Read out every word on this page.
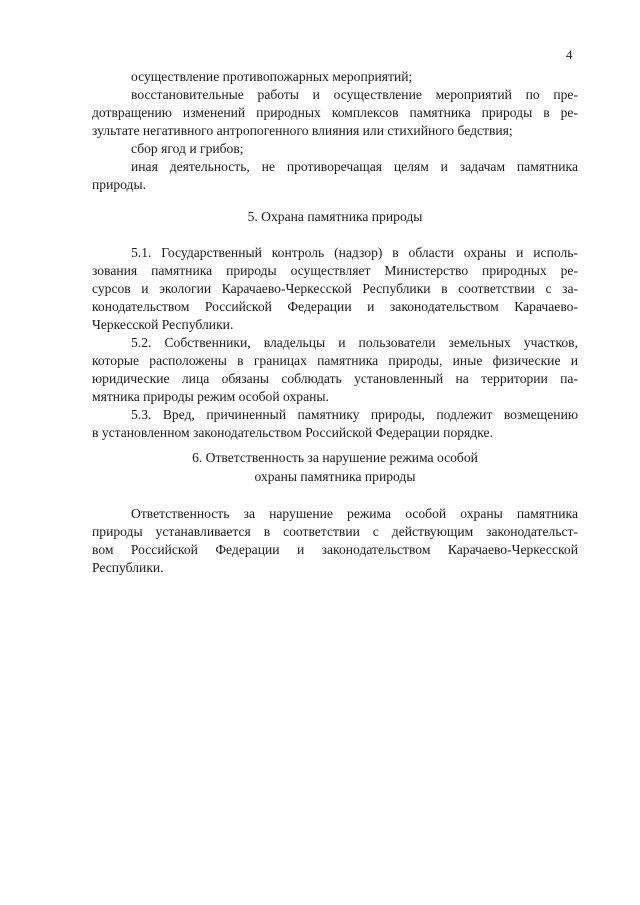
4

осуществление противопожарных мероприятий;

восстановительные работы и осуществление мероприятий по пре-

дотвращению изменений природных комплексов памятника природы в ре-

зультате негативного антропогенного влияния или стихийного бедствия;

сбор ягод и грибов;

иная деятельность, не противоречащая целям и задачам памятника

природы.

5. Охрана памятника природы

5.1. Государственный контроль (надзор) в области охраны и исполь-

зования памятника природы осуществляет Министерство природных ре-

сурсов и экологии Карачаево-Черкесской Республики в соответствии с за-

конодательством Российской Федерации и законодательством Карачаево-

Черкесской Республики.

5.2. Собственники, владельцы и пользователи земельных участков,

которые расположены в границах памятника природы, иные физические и

юридические лица обязаны соблюдать установленный на территории па-

мятника природы режим особой охраны.

5.3. Вред, причиненный памятнику природы, подлежит возмещению

в установленном законодательством Российской Федерации порядке.

6. Ответственность за нарушение режима особой
охраны памятника природы

Ответственность за нарушение режима особой охраны памятника

природы устанавливается в соответствии с действующим законодательст-

вом Российской Федерации и законодательством Карачаево-Черкесской

Республики.
